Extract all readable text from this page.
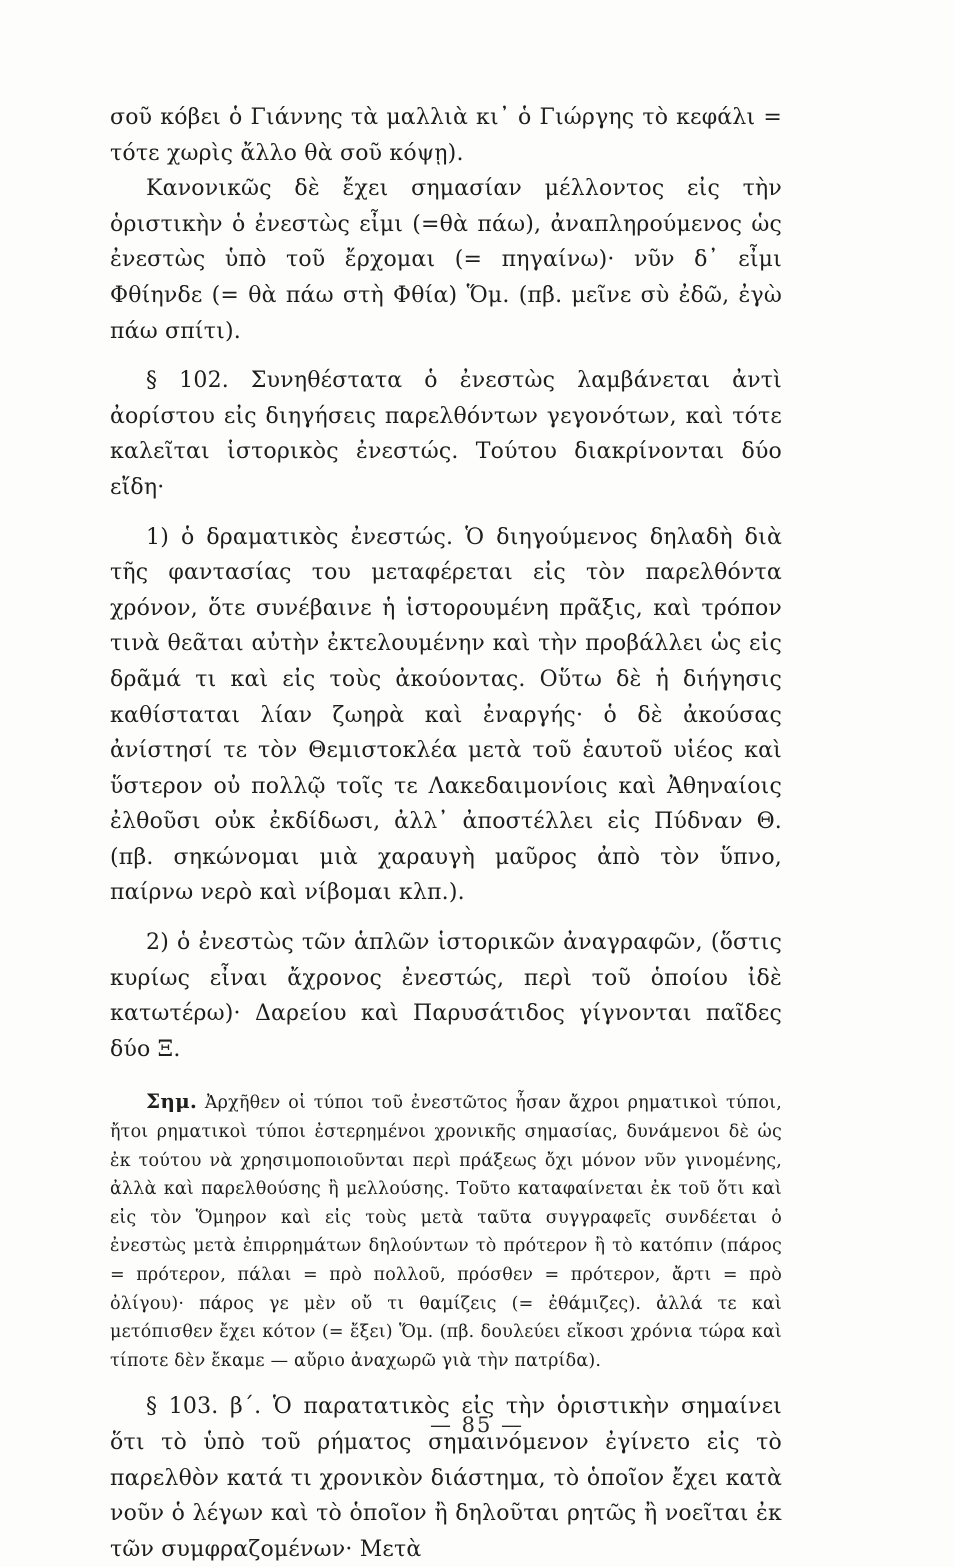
σοῦ κόβει ὁ Γιάννης τὰ μαλλιὰ κι᾽ ὁ Γιώργης τὸ κεφάλι = τότε χωρὶς ἄλλο θὰ σοῦ κόψῃ).

Κανονικῶς δὲ ἔχει σημασίαν μέλλοντος εἰς τὴν ὁριστικὴν ὁ ἐνεστὼς εἶμι (=θὰ πάω), ἀναπληρούμενος ὡς ἐνεστὼς ὑπὸ τοῦ ἔρχομαι (= πηγαίνω)· νῦν δ᾽ εἶμι Φθίηνδε (= θὰ πάω στὴ Φθία) Ὅμ. (πβ. μεῖνε σὺ ἐδῶ, ἐγὼ πάω σπίτι).

§ 102. Συνηθέστατα ὁ ἐνεστὼς λαμβάνεται ἀντὶ ἀορίστου εἰς διηγήσεις παρελθόντων γεγονότων, καὶ τότε καλεῖται ἱστορικὸς ἐνεστώς. Τούτου διακρίνονται δύο εἴδη·

1) ὁ δραματικὸς ἐνεστώς. Ὁ διηγούμενος δηλαδὴ διὰ τῆς φαντασίας του μεταφέρεται εἰς τὸν παρελθόντα χρόνον, ὅτε συνέβαινε ἡ ἱστορουμένη πρᾶξις, καὶ τρόπον τινὰ θεᾶται αὐτὴν ἐκτελουμένην καὶ τὴν προβάλλει ὡς εἰς δρᾶμά τι καὶ εἰς τοὺς ἀκούοντας. Οὕτω δὲ ἡ διήγησις καθίσταται λίαν ζωηρὰ καὶ ἐναργής· ὁ δὲ ἀκούσας ἀνίστησί τε τὸν Θεμιστοκλέα μετὰ τοῦ ἑαυτοῦ υἱέος καὶ ὕστερον οὐ πολλῷ τοῖς τε Λακεδαιμονίοις καὶ Ἀθηναίοις ἐλθοῦσι οὐκ ἐκδίδωσι, ἀλλ᾽ ἀποστέλλει εἰς Πύδναν Θ. (πβ. σηκώνομαι μιὰ χαραυγὴ μαῦρος ἀπὸ τὸν ὕπνο, παίρνω νερὸ καὶ νίβομαι κλπ.).

2) ὁ ἐνεστὼς τῶν ἁπλῶν ἱστορικῶν ἀναγραφῶν, (ὅστις κυρίως εἶναι ἄχρονος ἐνεστώς, περὶ τοῦ ὁποίου ἰδὲ κατωτέρω)· Δαρείου καὶ Παρυσάτιδος γίγνονται παῖδες δύο Ξ.

Σημ. Ἀρχῆθεν οἱ τύποι τοῦ ἐνεστῶτος ἦσαν ἄχροι ρηματικοὶ τύποι, ἤτοι ρηματικοὶ τύποι ἐστερημένοι χρονικῆς σημασίας, δυνάμενοι δὲ ὡς ἐκ τούτου νὰ χρησιμοποιοῦνται περὶ πράξεως ὄχι μόνον νῦν γινομένης, ἀλλὰ καὶ παρελθούσης ἢ μελλούσης. Τοῦτο καταφαίνεται ἐκ τοῦ ὅτι καὶ εἰς τὸν Ὅμηρον καὶ εἰς τοὺς μετὰ ταῦτα συγγραφεῖς συνδέεται ὁ ἐνεστὼς μετὰ ἐπιρρημάτων δηλούντων τὸ πρότερον ἢ τὸ κατόπιν (πάρος = πρότερον, πάλαι = πρὸ πολλοῦ, πρόσθεν = πρότερον, ἄρτι = πρὸ ὀλίγου)· πάρος γε μὲν οὔ τι θαμίζεις (= ἐθάμιζες). ἀλλά τε καὶ μετόπισθεν ἔχει κότον (= ἔξει) Ὅμ. (πβ. δουλεύει εἴκοσι χρόνια τώρα καὶ τίποτε δὲν ἔκαμε — αὔριο ἀναχωρῶ γιὰ τὴν πατρίδα).

§ 103. β´. Ὁ παρατατικὸς εἰς τὴν ὁριστικὴν σημαίνει ὅτι τὸ ὑπὸ τοῦ ρήματος σημαινόμενον ἐγίνετο εἰς τὸ παρελθὸν κατά τι χρονικὸν διάστημα, τὸ ὁποῖον ἔχει κατὰ νοῦν ὁ λέγων καὶ τὸ ὁποῖον ἢ δηλοῦται ρητῶς ἢ νοεῖται ἐκ τῶν συμφραζομένων· Μετὰ

— 85 —
